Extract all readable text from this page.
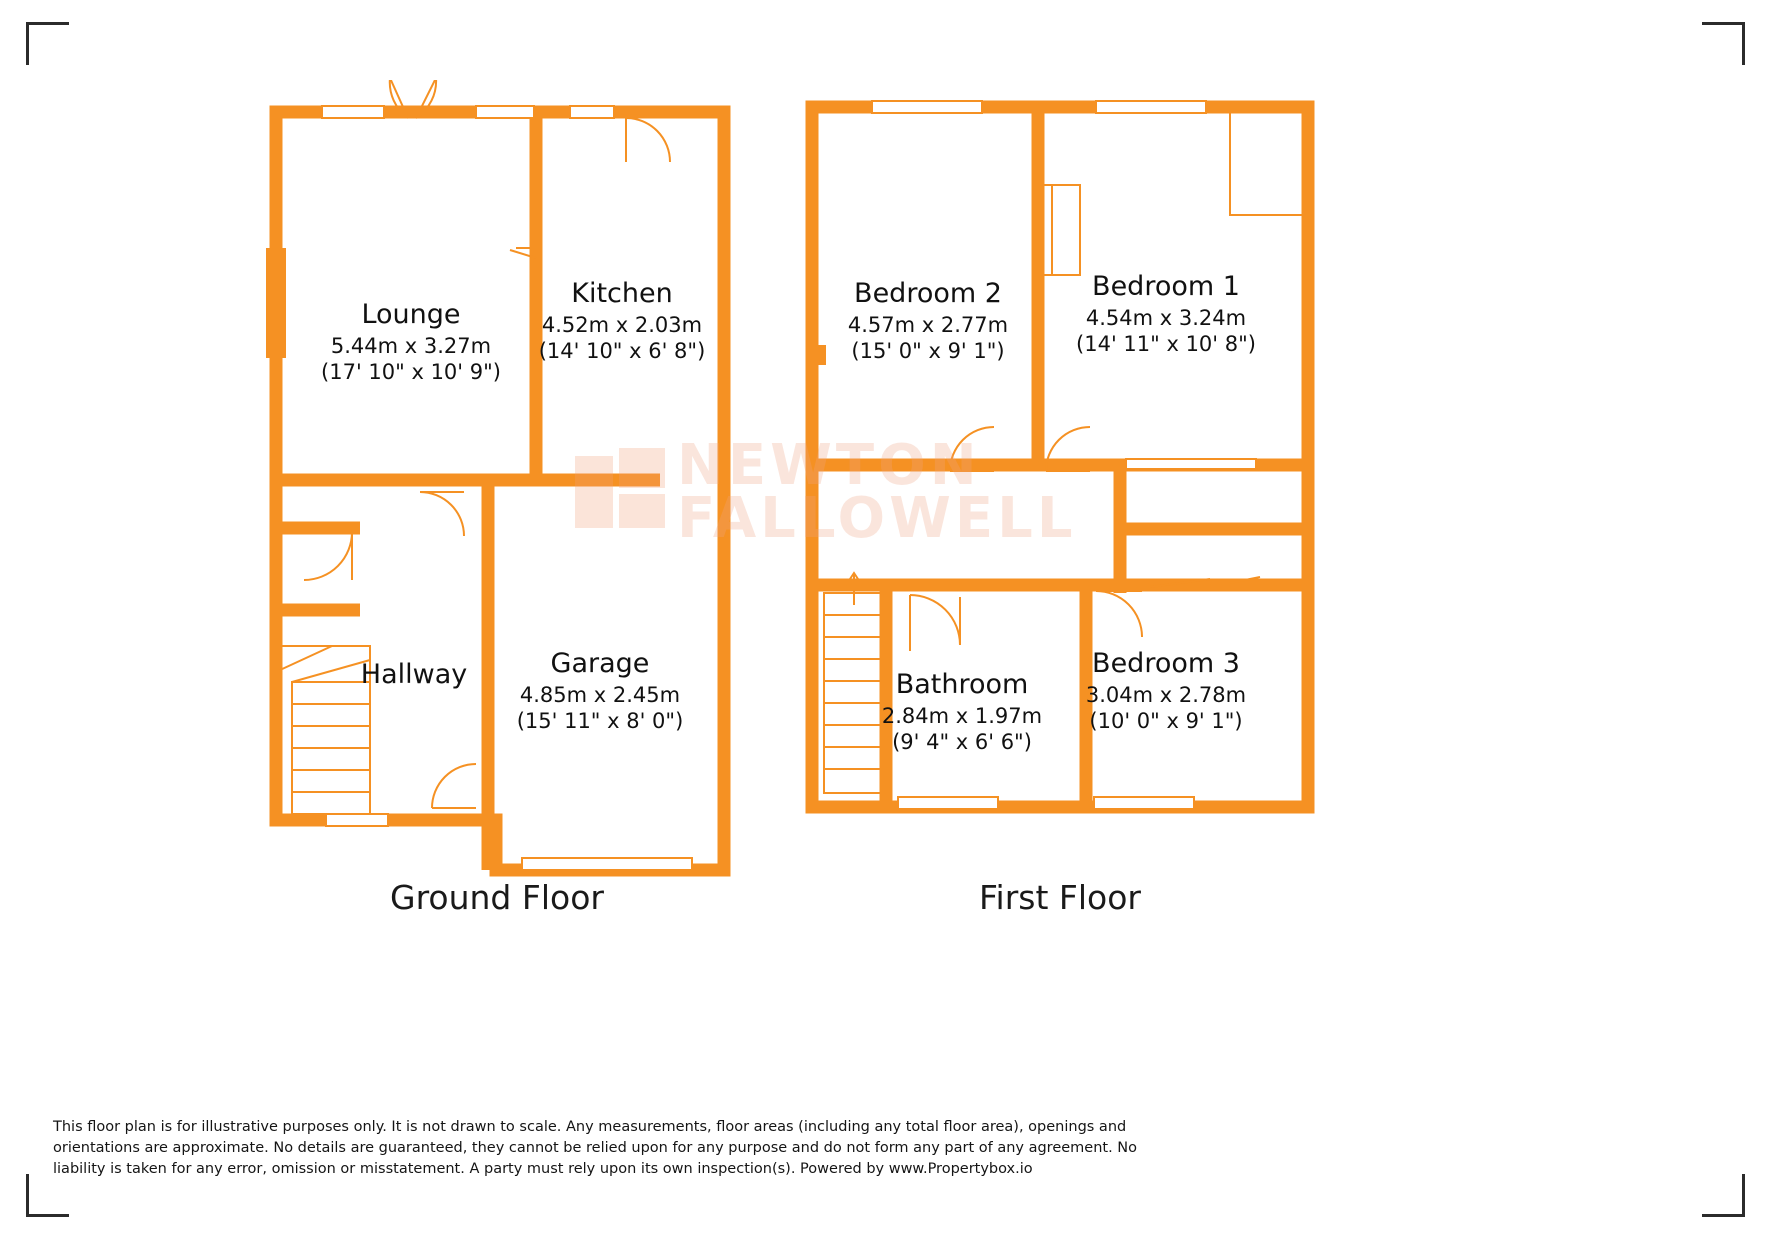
Ground Floor
Lounge
5.44m x 3.27m
(17' 10" x 10' 9")
Kitchen
4.52m x 2.03m
(14' 10" x 6' 8")
Hallway	Garage
4.85m x 2.45m
(15' 11" x 8' 0")
First Floor
Bedroom 2
4.57m x 2.77m
(15' 0" x 9' 1")
Bedroom 1
4.54m x 3.24m
(14' 11" x 10' 8")
Bathroom
2.84m x 1.97m
(9' 4" x 6' 6")
Bedroom 3
3.04m x 2.78m
(10' 0" x 9' 1")
NEWTON
FALLOWELL
This floor plan is for illustrative purposes only. It is not drawn to scale. Any measurements, floor areas (including any total floor area), openings and orientations are approximate. No details are guaranteed, they cannot be relied upon for any purpose and do not form any part of any agreement. No liability is taken for any error, omission or misstatement. A party must rely upon its own inspection(s). Powered by www.Propertybox.io
